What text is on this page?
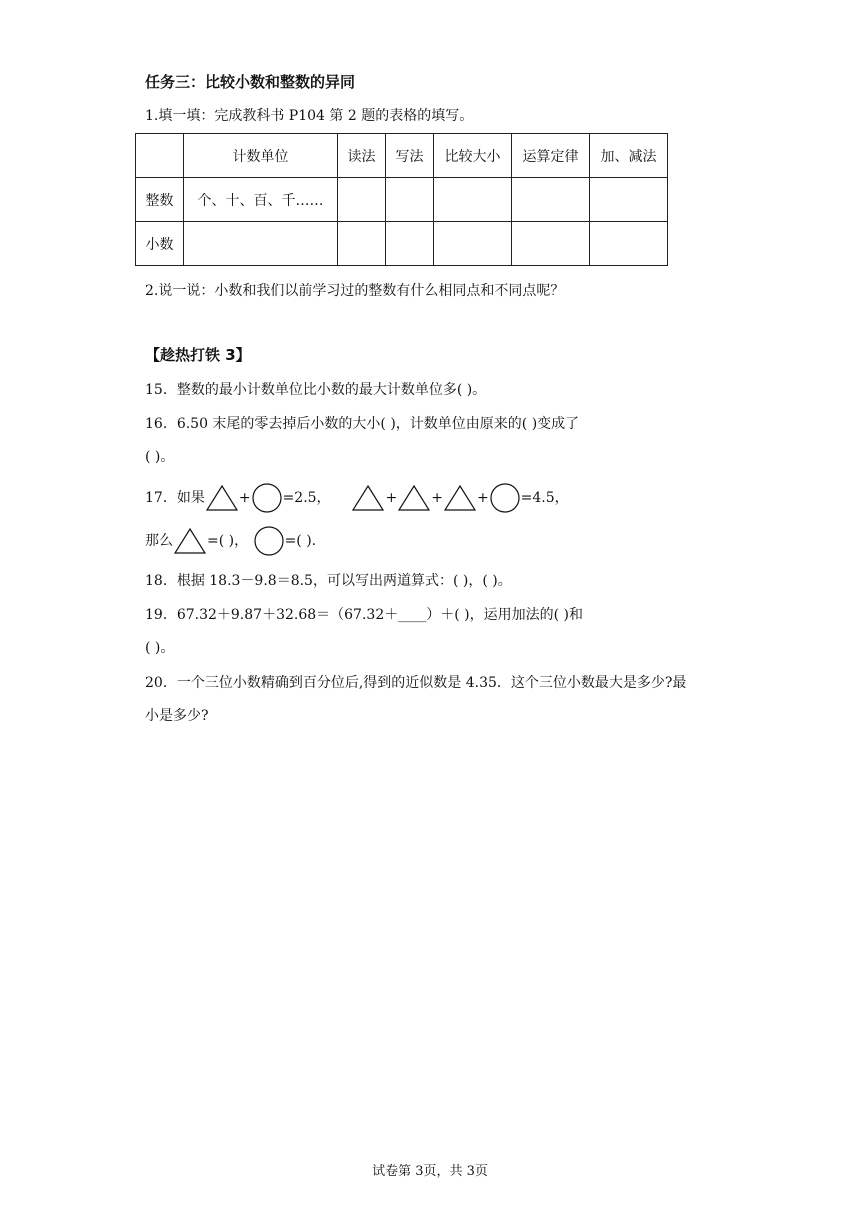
任务三：比较小数和整数的异同
1.填一填：完成教科书 P104 第 2 题的表格的填写。
	计数单位	读法	写法	比较大小	运算定律	加、减法
整数	个、十、百、千……					
小数						
2.说一说：小数和我们以前学习过的整数有什么相同点和不同点呢？
【趁热打铁 3】
15．整数的最小计数单位比小数的最大计数单位多( )。
16．6.50 末尾的零去掉后小数的大小( )，计数单位由原来的( )变成了
( )。
17．如果 + =2.5，	+ + + =4.5，
那么 =( )，	=( ).
18．根据 18.3－9.8＝8.5，可以写出两道算式：( )，( )。
19．67.32＋9.87＋32.68＝（67.32＋____）＋( )，运用加法的( )和
( )。
20．一个三位小数精确到百分位后,得到的近似数是 4.35．这个三位小数最大是多少?最
小是多少?
试卷第 3页，共 3页
